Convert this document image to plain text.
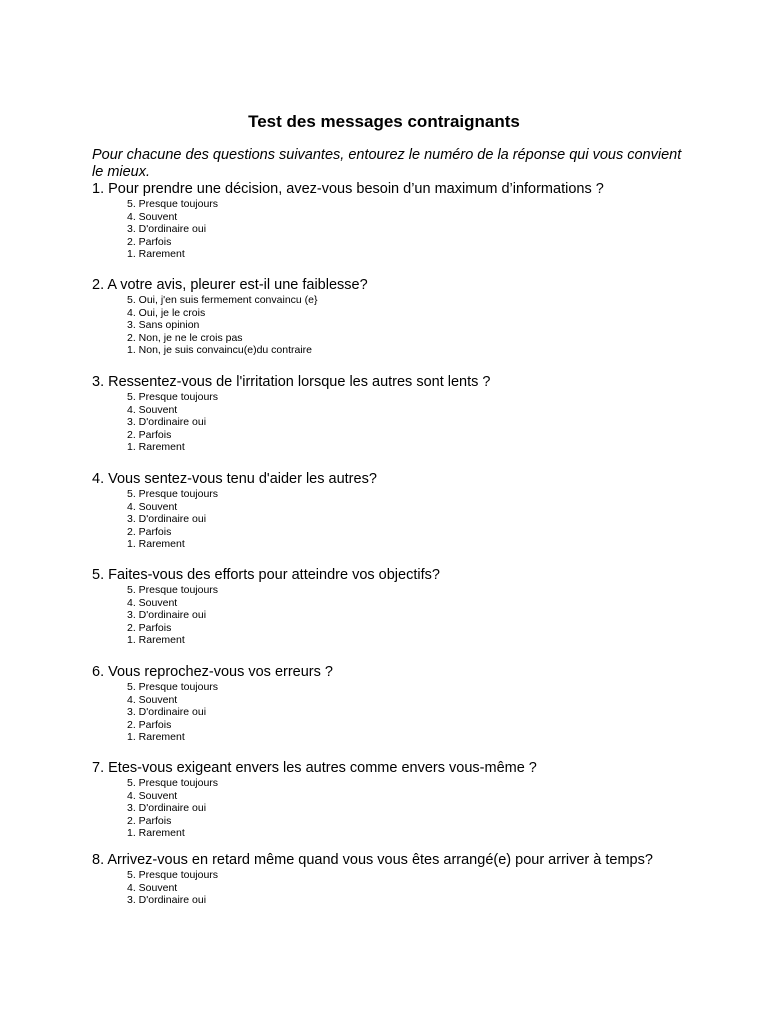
Test des messages contraignants
Pour chacune des questions suivantes, entourez le numéro de la réponse qui vous convient le mieux.
1. Pour prendre une décision, avez-vous besoin d’un maximum d’informations ?
5. Presque toujours
4. Souvent
3. D'ordinaire oui
2. Parfois
1. Rarement
2. A votre avis, pleurer est-il une faiblesse?
5. Oui, j'en suis fermement convaincu (e}
4. Oui, je le crois
3. Sans opinion
2. Non, je ne le crois pas
1. Non, je suis convaincu(e)du contraire
3. Ressentez-vous de l'irritation lorsque les autres sont lents ?
5. Presque toujours
4. Souvent
3. D'ordinaire oui
2. Parfois
1. Rarement
4. Vous sentez-vous tenu d'aider les autres?
5. Presque toujours
4. Souvent
3. D'ordinaire oui
2. Parfois
1. Rarement
5. Faites-vous des efforts pour atteindre vos objectifs?
5. Presque toujours
4. Souvent
3. D'ordinaire oui
2. Parfois
1. Rarement
6. Vous reprochez-vous vos erreurs ?
5. Presque toujours
4. Souvent
3. D'ordinaire oui
2. Parfois
1. Rarement
7. Etes-vous exigeant envers les autres comme envers vous-même ?
5. Presque toujours
4. Souvent
3. D'ordinaire oui
2. Parfois
1. Rarement
8. Arrivez-vous en retard même quand vous vous êtes arrangé(e) pour arriver à temps?
5. Presque toujours
4. Souvent
3. D'ordinaire oui
